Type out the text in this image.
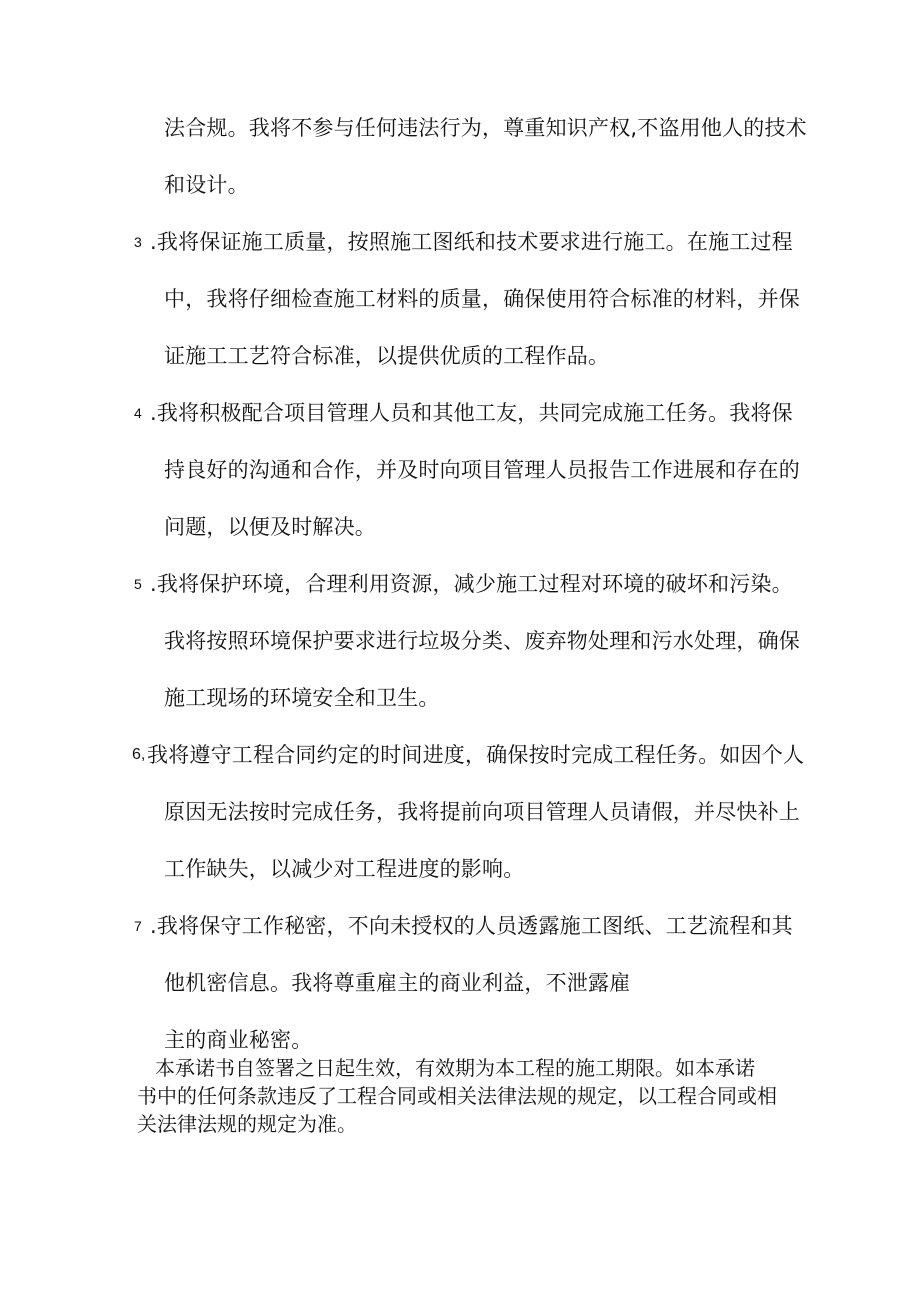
法合规。我将不参与任何违法行为，尊重知识产权,不盗用他人的技术
和设计。
3 .我将保证施工质量，按照施工图纸和技术要求进行施工。在施工过程
中，我将仔细检查施工材料的质量，确保使用符合标准的材料，并保
证施工工艺符合标准，以提供优质的工程作品。
4 .我将积极配合项目管理人员和其他工友，共同完成施工任务。我将保
持良好的沟通和合作，并及时向项目管理人员报告工作进展和存在的
问题，以便及时解决。
5 .我将保护环境，合理利用资源，减少施工过程对环境的破坏和污染。
我将按照环境保护要求进行垃圾分类、废弃物处理和污水处理，确保
施工现场的环境安全和卫生。
6, 我将遵守工程合同约定的时间进度，确保按时完成工程任务。如因个人
原因无法按时完成任务，我将提前向项目管理人员请假，并尽快补上
工作缺失，以减少对工程进度的影响。
7 .我将保守工作秘密，不向未授权的人员透露施工图纸、工艺流程和其
他机密信息。我将尊重雇主的商业利益，不泄露雇
主的商业秘密。
本承诺书自签署之日起生效，有效期为本工程的施工期限。如本承诺
书中的任何条款违反了工程合同或相关法律法规的规定，以工程合同或相
关法律法规的规定为准。
